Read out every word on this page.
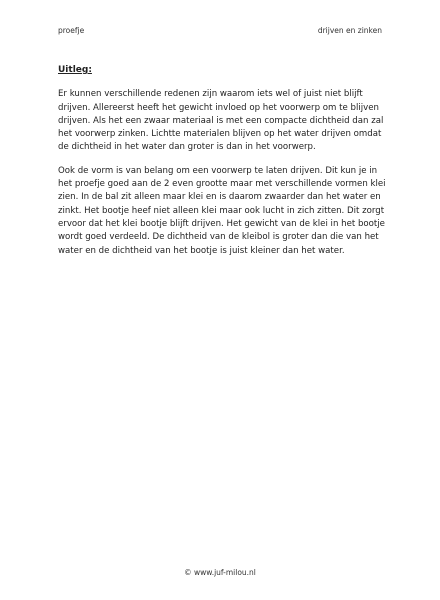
proefje	drijven en zinken
Uitleg:

Er kunnen verschillende redenen zijn waarom iets wel of juist niet blijft drijven. Allereerst heeft het gewicht invloed op het voorwerp om te blijven drijven. Als het een zwaar materiaal is met een compacte dichtheid dan zal het voorwerp zinken. Lichtte materialen blijven op het water drijven omdat de dichtheid in het water dan groter is dan in het voorwerp.

Ook de vorm is van belang om een voorwerp te laten drijven. Dit kun je in het proefje goed aan de 2 even grootte maar met verschillende vormen klei zien. In de bal zit alleen maar klei en is daarom zwaarder dan het water en zinkt. Het bootje heef niet alleen klei maar ook lucht in zich zitten. Dit zorgt ervoor dat het klei bootje blijft drijven. Het gewicht van de klei in het bootje wordt goed verdeeld. De dichtheid van de kleibol is groter dan die van het water en de dichtheid van het bootje is juist kleiner dan het water.

© www.juf-milou.nl
